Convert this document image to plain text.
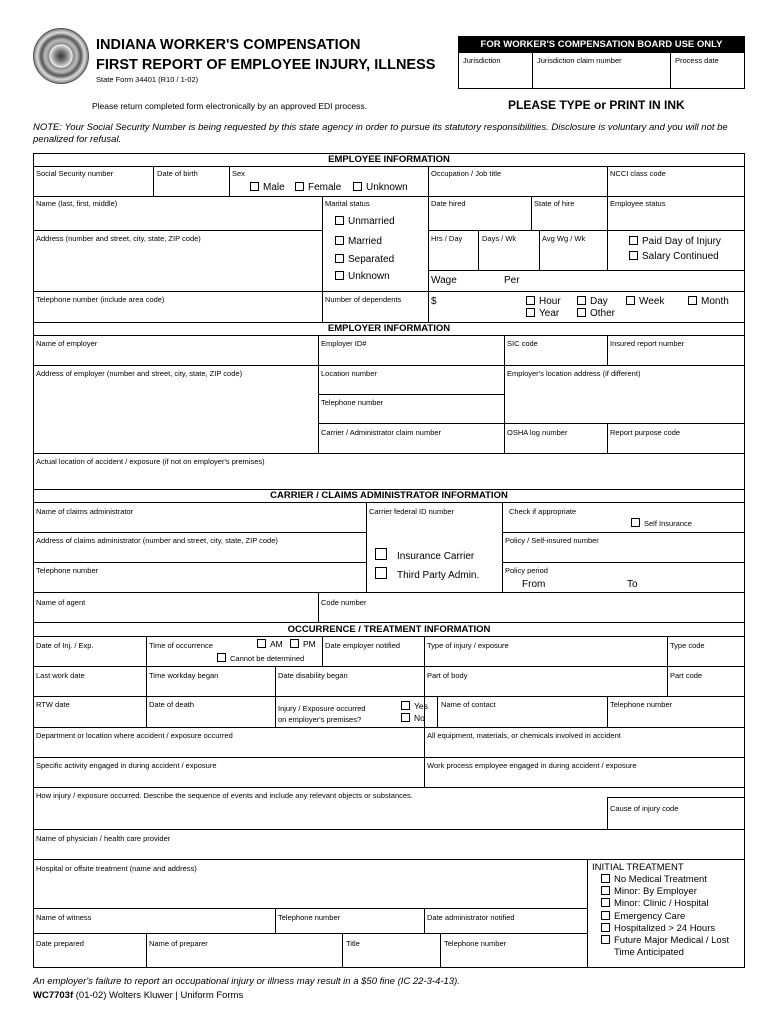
INDIANA WORKER'S COMPENSATION
FIRST REPORT OF EMPLOYEE INJURY, ILLNESS
State Form 34401 (R10 / 1-02)
FOR WORKER'S COMPENSATION BOARD USE ONLY
Jurisdiction	Jurisdiction claim number	Process date
Please return completed form electronically by an approved EDI process.	PLEASE TYPE or PRINT IN INK
NOTE: Your Social Security Number is being requested by this state agency in order to pursue its statutory responsibilities. Disclosure is voluntary and you will not be penalized for refusal.
EMPLOYEE INFORMATION
Social Security number	Date of birth	Sex
Male	Female	Unknown
Occupation / Job title	NCCI class code
Name (last, first, middle)	Marital status
Unmarried
Married
Separated
Unknown
Date hired	State of hire	Employee status
Address (number and street, city, state, ZIP code)	Hrs / Day	Days / Wk	Avg Wg / Wk	Paid Day of Injury
Salary Continued
Wage	Per
Telephone number (include area code)	Number of dependents	$	Hour	Day	Week	Month
Year	Other
EMPLOYER INFORMATION
Name of employer	Employer ID#	SIC code	Insured report number
Address of employer (number and street, city, state, ZIP code)	Location number	Employer's location address (if different)
Telephone number
Carrier / Administrator claim number	OSHA log number	Report purpose code
Actual location of accident / exposure (if not on employer's premises)
CARRIER / CLAIMS ADMINISTRATOR INFORMATION
Name of claims administrator	Carrier federal ID number	Check if appropriate
Self Insurance
Address of claims administrator (number and street, city, state, ZIP code)	Policy / Self-insured number
Insurance Carrier
Third Party Admin.
Telephone number	Policy period
From	To
Name of agent	Code number
OCCURRENCE / TREATMENT INFORMATION
Date of Inj. / Exp.	Time of occurrence	AM	PM
Cannot be determined
Date employer notified	Type of injury / exposure	Type code
Last work date	Time workday began	Date disability began	Part of body	Part code
RTW date	Date of death	Injury / Exposure occurred
on employer's premises?
Yes
No
Name of contact	Telephone number
Department or location where accident / exposure occurred	All equipment, materials, or chemicals involved in accident
Specific activity engaged in during accident / exposure	Work process employee engaged in during accident / exposure
How injury / exposure occurred. Describe the sequence of events and include any relevant objects or substances.
Cause of injury code
Name of physician / health care provider
Hospital or offsite treatment (name and address)	INITIAL TREATMENT
No Medical Treatment
Minor: By Employer
Minor: Clinic / Hospital
Emergency Care
Hospitalized > 24 Hours
Future Major Medical / Lost
Time Anticipated
Name of witness	Telephone number	Date administrator notified
Date prepared	Name of preparer	Title	Telephone number
An employer's failure to report an occupational injury or illness may result in a $50 fine (IC 22-3-4-13).
WC7703f (01-02) Wolters Kluwer | Uniform Forms
